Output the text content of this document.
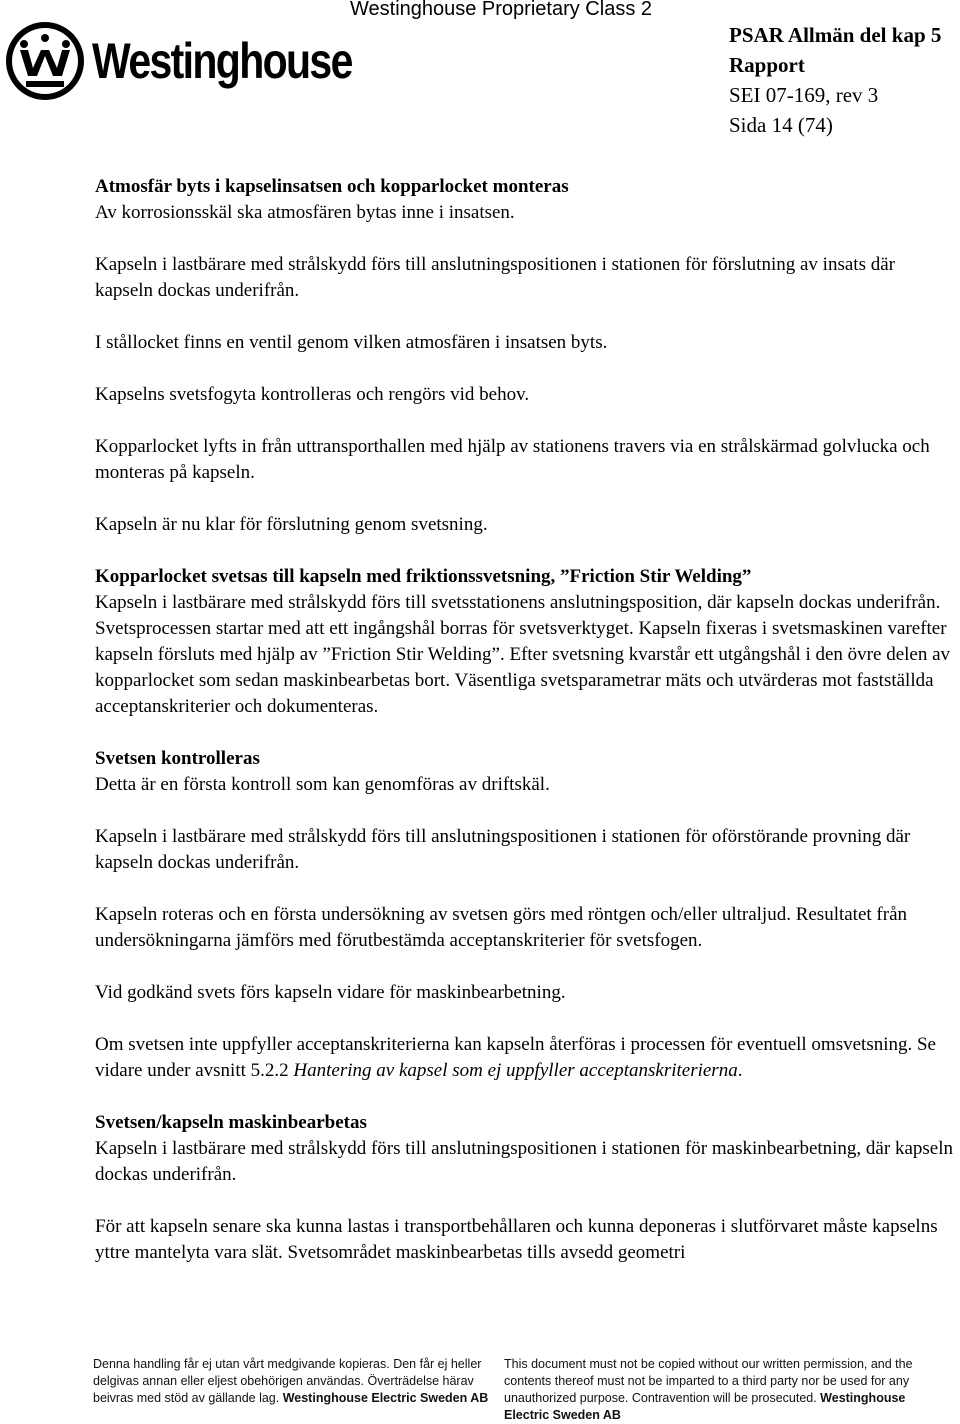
Westinghouse
Westinghouse Proprietary Class 2
PSAR Allmän del kap 5
Rapport
SEI 07-169, rev 3
Sida 14 (74)

Atmosfär byts i kapselinsatsen och kopparlocket monteras

Av korrosionsskäl ska atmosfären bytas inne i insatsen.

Kapseln i lastbärare med strålskydd förs till anslutningspositionen i stationen för förslutning av insats där kapseln dockas underifrån.

I stållocket finns en ventil genom vilken atmosfären i insatsen byts.

Kapselns svetsfogyta kontrolleras och rengörs vid behov.

Kopparlocket lyfts in från uttransporthallen med hjälp av stationens travers via en strålskärmad golvlucka och monteras på kapseln.

Kapseln är nu klar för förslutning genom svetsning.

Kopparlocket svetsas till kapseln med friktionssvetsning, ”Friction Stir Welding”

Kapseln i lastbärare med strålskydd förs till svetsstationens anslutningsposition, där kapseln dockas underifrån. Svetsprocessen startar med att ett ingångshål borras för svetsverktyget. Kapseln fixeras i svetsmaskinen varefter kapseln försluts med hjälp av ”Friction Stir Welding”. Efter svetsning kvarstår ett utgångshål i den övre delen av kopparlocket som sedan maskinbearbetas bort. Väsentliga svetsparametrar mäts och utvärderas mot fastställda acceptanskriterier och dokumenteras.

Svetsen kontrolleras

Detta är en första kontroll som kan genomföras av driftskäl.

Kapseln i lastbärare med strålskydd förs till anslutningspositionen i stationen för oförstörande provning där kapseln dockas underifrån.

Kapseln roteras och en första undersökning av svetsen görs med röntgen och/eller ultraljud. Resultatet från undersökningarna jämförs med förutbestämda acceptanskriterier för svetsfogen.

Vid godkänd svets förs kapseln vidare för maskinbearbetning.

Om svetsen inte uppfyller acceptanskriterierna kan kapseln återföras i processen för eventuell omsvetsning. Se vidare under avsnitt 5.2.2 Hantering av kapsel som ej uppfyller acceptanskriterierna.

Svetsen/kapseln maskinbearbetas

Kapseln i lastbärare med strålskydd förs till anslutningspositionen i stationen för maskinbearbetning, där kapseln dockas underifrån.

För att kapseln senare ska kunna lastas i transportbehållaren och kunna deponeras i slutförvaret måste kapselns yttre mantelyta vara slät. Svetsområdet maskinbearbetas tills avsedd geometri

Denna handling får ej utan vårt medgivande kopieras. Den får ej heller delgivas annan eller eljest obehörigen användas. Överträdelse härav beivras med stöd av gällande lag. Westinghouse Electric Sweden AB
This document must not be copied without our written permission, and the contents thereof must not be imparted to a third party nor be used for any unauthorized purpose. Contravention will be prosecuted. Westinghouse Electric Sweden AB
